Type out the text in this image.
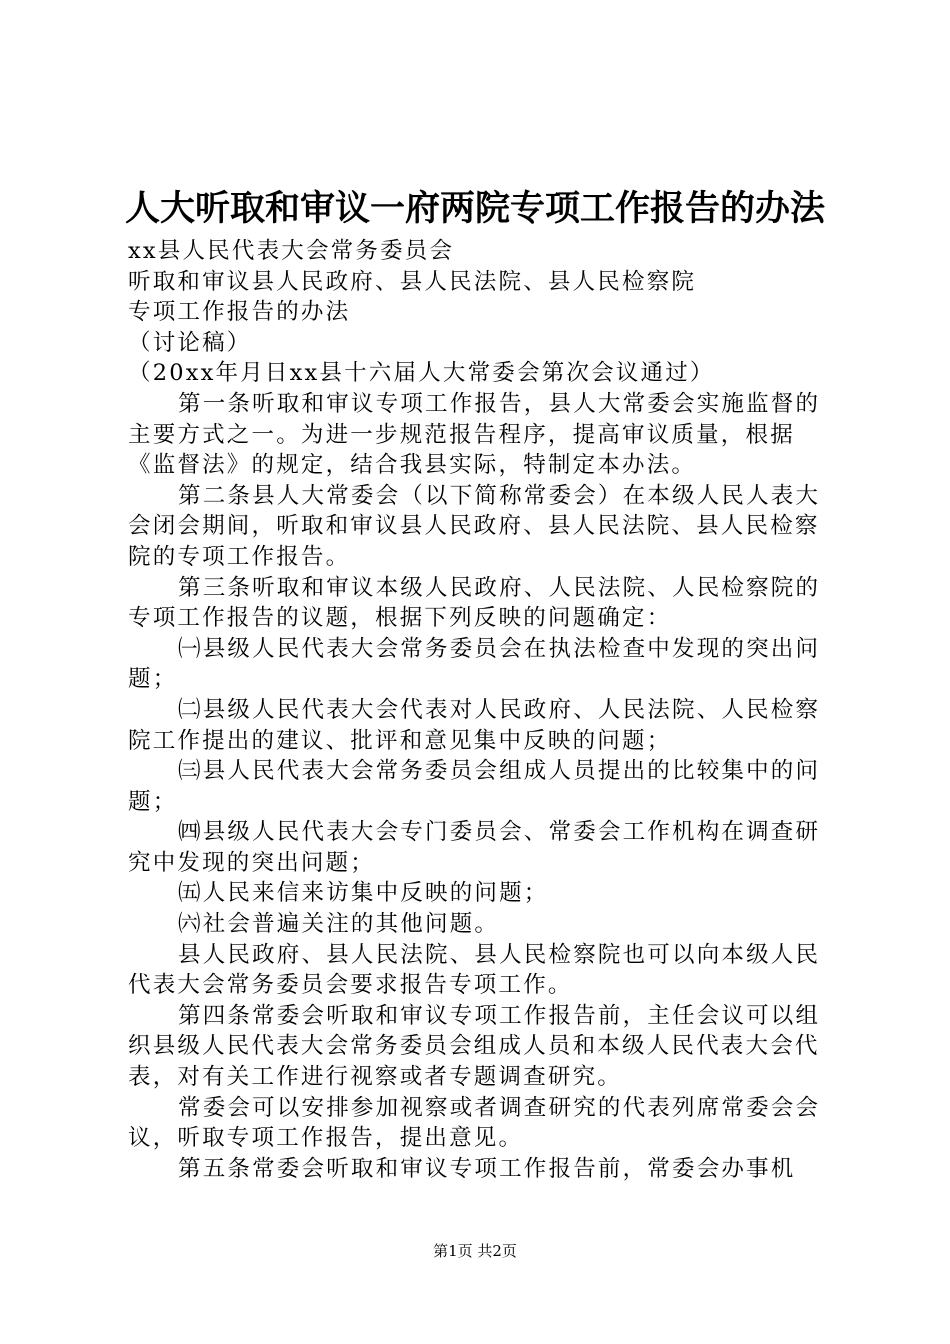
人大听取和审议一府两院专项工作报告的办法

xx县人民代表大会常务委员会

听取和审议县人民政府、县人民法院、县人民检察院

专项工作报告的办法

（讨论稿）

（20xx年月日xx县十六届人大常委会第次会议通过）

第一条听取和审议专项工作报告，县人大常委会实施监督的主要方式之一。为进一步规范报告程序，提高审议质量，根据《监督法》的规定，结合我县实际，特制定本办法。

第二条县人大常委会（以下简称常委会）在本级人民人表大会闭会期间，听取和审议县人民政府、县人民法院、县人民检察院的专项工作报告。

第三条听取和审议本级人民政府、人民法院、人民检察院的专项工作报告的议题，根据下列反映的问题确定：

㈠县级人民代表大会常务委员会在执法检查中发现的突出问题；

㈡县级人民代表大会代表对人民政府、人民法院、人民检察院工作提出的建议、批评和意见集中反映的问题；

㈢县人民代表大会常务委员会组成人员提出的比较集中的问题；

㈣县级人民代表大会专门委员会、常委会工作机构在调查研究中发现的突出问题；

㈤人民来信来访集中反映的问题；

㈥社会普遍关注的其他问题。

县人民政府、县人民法院、县人民检察院也可以向本级人民代表大会常务委员会要求报告专项工作。

第四条常委会听取和审议专项工作报告前，主任会议可以组织县级人民代表大会常务委员会组成人员和本级人民代表大会代表，对有关工作进行视察或者专题调查研究。

常委会可以安排参加视察或者调查研究的代表列席常委会会议，听取专项工作报告，提出意见。

第五条常委会听取和审议专项工作报告前，常委会办事机

第1页 共2页
